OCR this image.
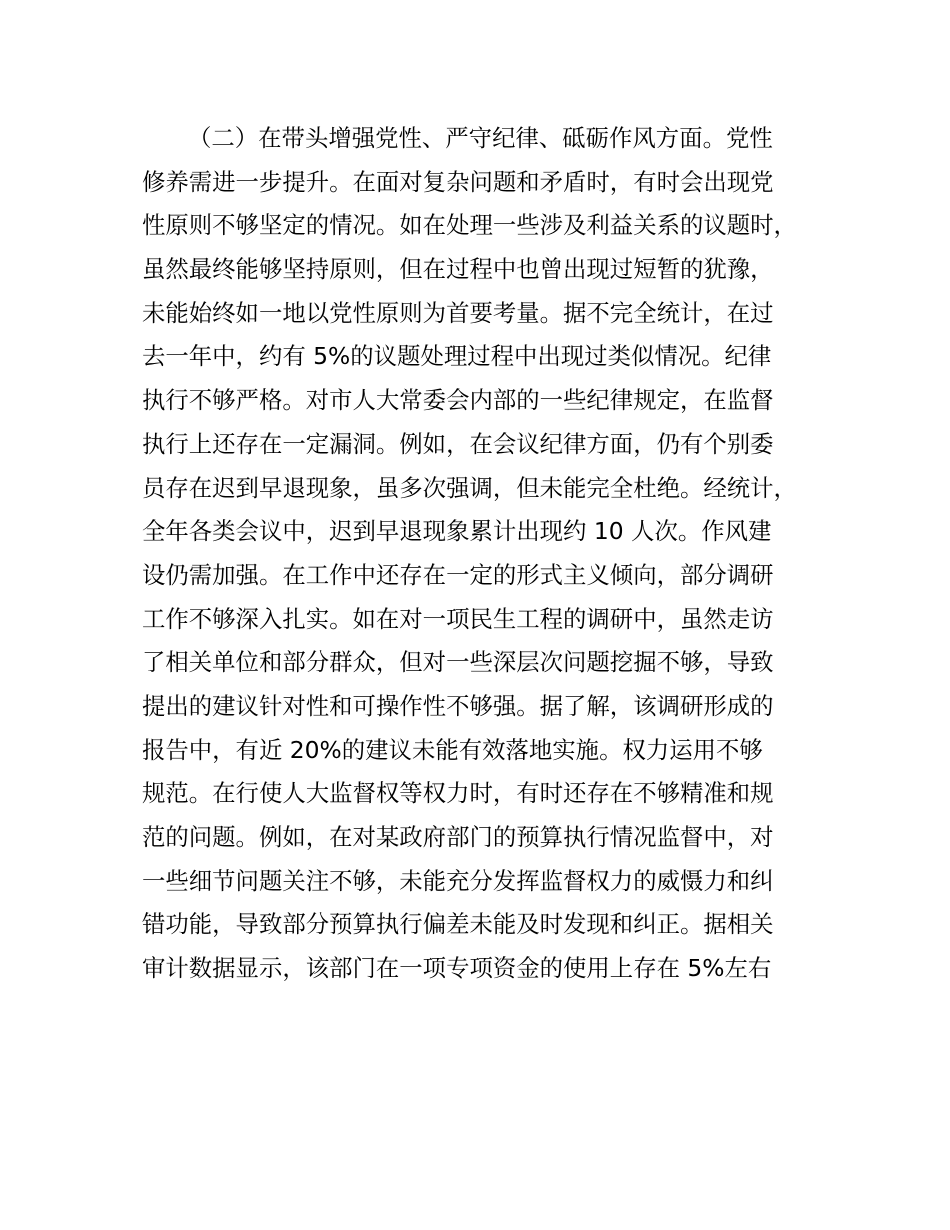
（二）在带头增强党性、严守纪律、砥砺作风方面。党性
修养需进一步提升。在面对复杂问题和矛盾时，有时会出现党
性原则不够坚定的情况。如在处理一些涉及利益关系的议题时，
虽然最终能够坚持原则，但在过程中也曾出现过短暂的犹豫，
未能始终如一地以党性原则为首要考量。据不完全统计，在过
去一年中，约有 5%的议题处理过程中出现过类似情况。纪律
执行不够严格。对市人大常委会内部的一些纪律规定，在监督
执行上还存在一定漏洞。例如，在会议纪律方面，仍有个别委
员存在迟到早退现象，虽多次强调，但未能完全杜绝。经统计，
全年各类会议中，迟到早退现象累计出现约 10 人次。作风建
设仍需加强。在工作中还存在一定的形式主义倾向，部分调研
工作不够深入扎实。如在对一项民生工程的调研中，虽然走访
了相关单位和部分群众，但对一些深层次问题挖掘不够，导致
提出的建议针对性和可操作性不够强。据了解，该调研形成的
报告中，有近 20%的建议未能有效落地实施。权力运用不够
规范。在行使人大监督权等权力时，有时还存在不够精准和规
范的问题。例如，在对某政府部门的预算执行情况监督中，对
一些细节问题关注不够，未能充分发挥监督权力的威慑力和纠
错功能，导致部分预算执行偏差未能及时发现和纠正。据相关
审计数据显示，该部门在一项专项资金的使用上存在 5%左右
